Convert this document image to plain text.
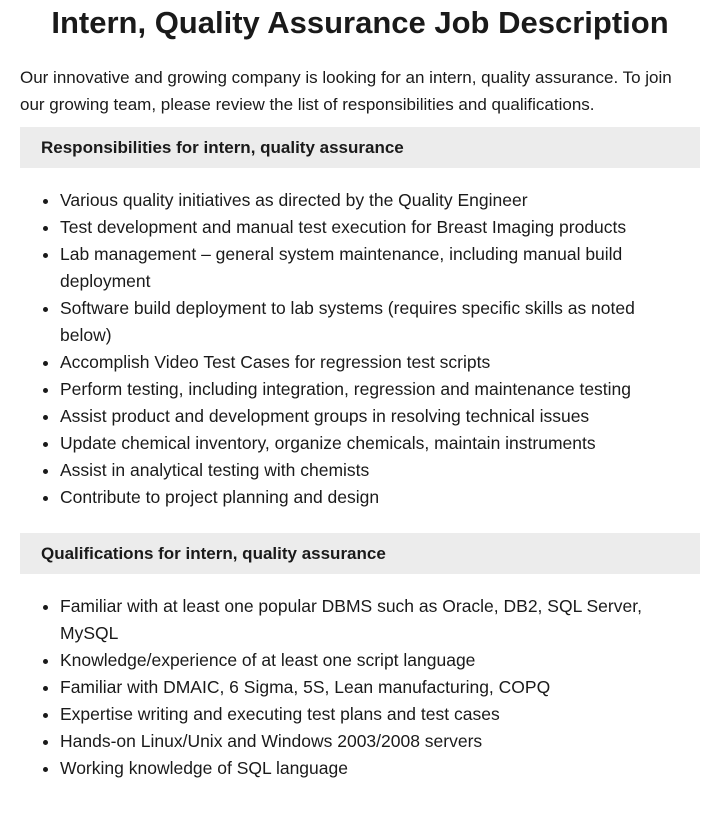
Intern, Quality Assurance Job Description

Our innovative and growing company is looking for an intern, quality assurance. To join our growing team, please review the list of responsibilities and qualifications.

Responsibilities for intern, quality assurance
• Various quality initiatives as directed by the Quality Engineer
• Test development and manual test execution for Breast Imaging products
• Lab management – general system maintenance, including manual build deployment
• Software build deployment to lab systems (requires specific skills as noted below)
• Accomplish Video Test Cases for regression test scripts
• Perform testing, including integration, regression and maintenance testing
• Assist product and development groups in resolving technical issues
• Update chemical inventory, organize chemicals, maintain instruments
• Assist in analytical testing with chemists
• Contribute to project planning and design
Qualifications for intern, quality assurance
• Familiar with at least one popular DBMS such as Oracle, DB2, SQL Server, MySQL
• Knowledge/experience of at least one script language
• Familiar with DMAIC, 6 Sigma, 5S, Lean manufacturing, COPQ
• Expertise writing and executing test plans and test cases
• Hands-on Linux/Unix and Windows 2003/2008 servers
• Working knowledge of SQL language
